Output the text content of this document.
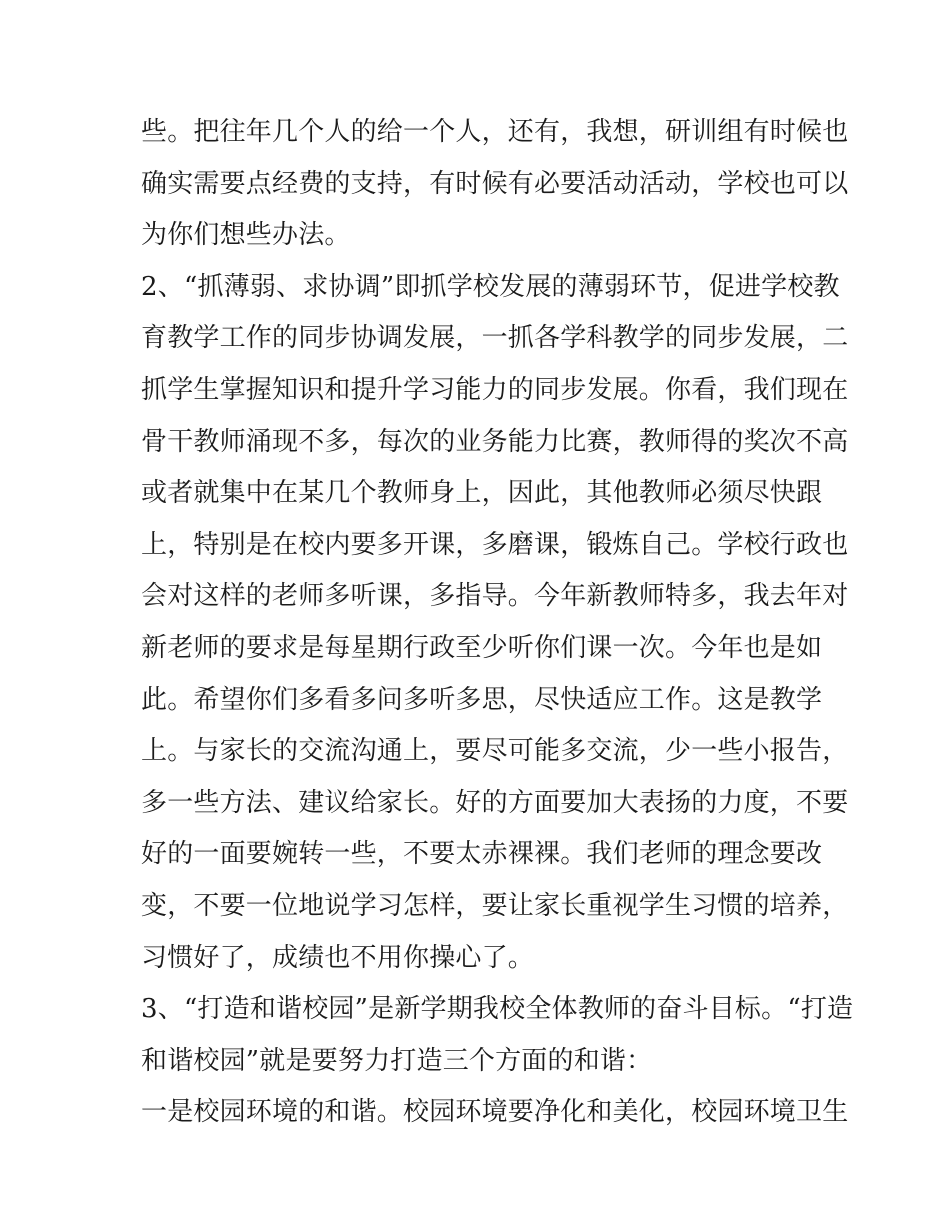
些。把往年几个人的给一个人，还有，我想，研训组有时候也
确实需要点经费的支持，有时候有必要活动活动，学校也可以
为你们想些办法。
2、“抓薄弱、求协调”即抓学校发展的薄弱环节，促进学校教
育教学工作的同步协调发展，一抓各学科教学的同步发展，二
抓学生掌握知识和提升学习能力的同步发展。你看，我们现在
骨干教师涌现不多，每次的业务能力比赛，教师得的奖次不高
或者就集中在某几个教师身上，因此，其他教师必须尽快跟
上，特别是在校内要多开课，多磨课，锻炼自己。学校行政也
会对这样的老师多听课，多指导。今年新教师特多，我去年对
新老师的要求是每星期行政至少听你们课一次。今年也是如
此。希望你们多看多问多听多思，尽快适应工作。这是教学
上。与家长的交流沟通上，要尽可能多交流，少一些小报告，
多一些方法、建议给家长。好的方面要加大表扬的力度，不要
好的一面要婉转一些，不要太赤裸裸。我们老师的理念要改
变，不要一位地说学习怎样，要让家长重视学生习惯的培养，
习惯好了，成绩也不用你操心了。
3、“打造和谐校园”是新学期我校全体教师的奋斗目标。“打造
和谐校园”就是要努力打造三个方面的和谐：
一是校园环境的和谐。校园环境要净化和美化，校园环境卫生
